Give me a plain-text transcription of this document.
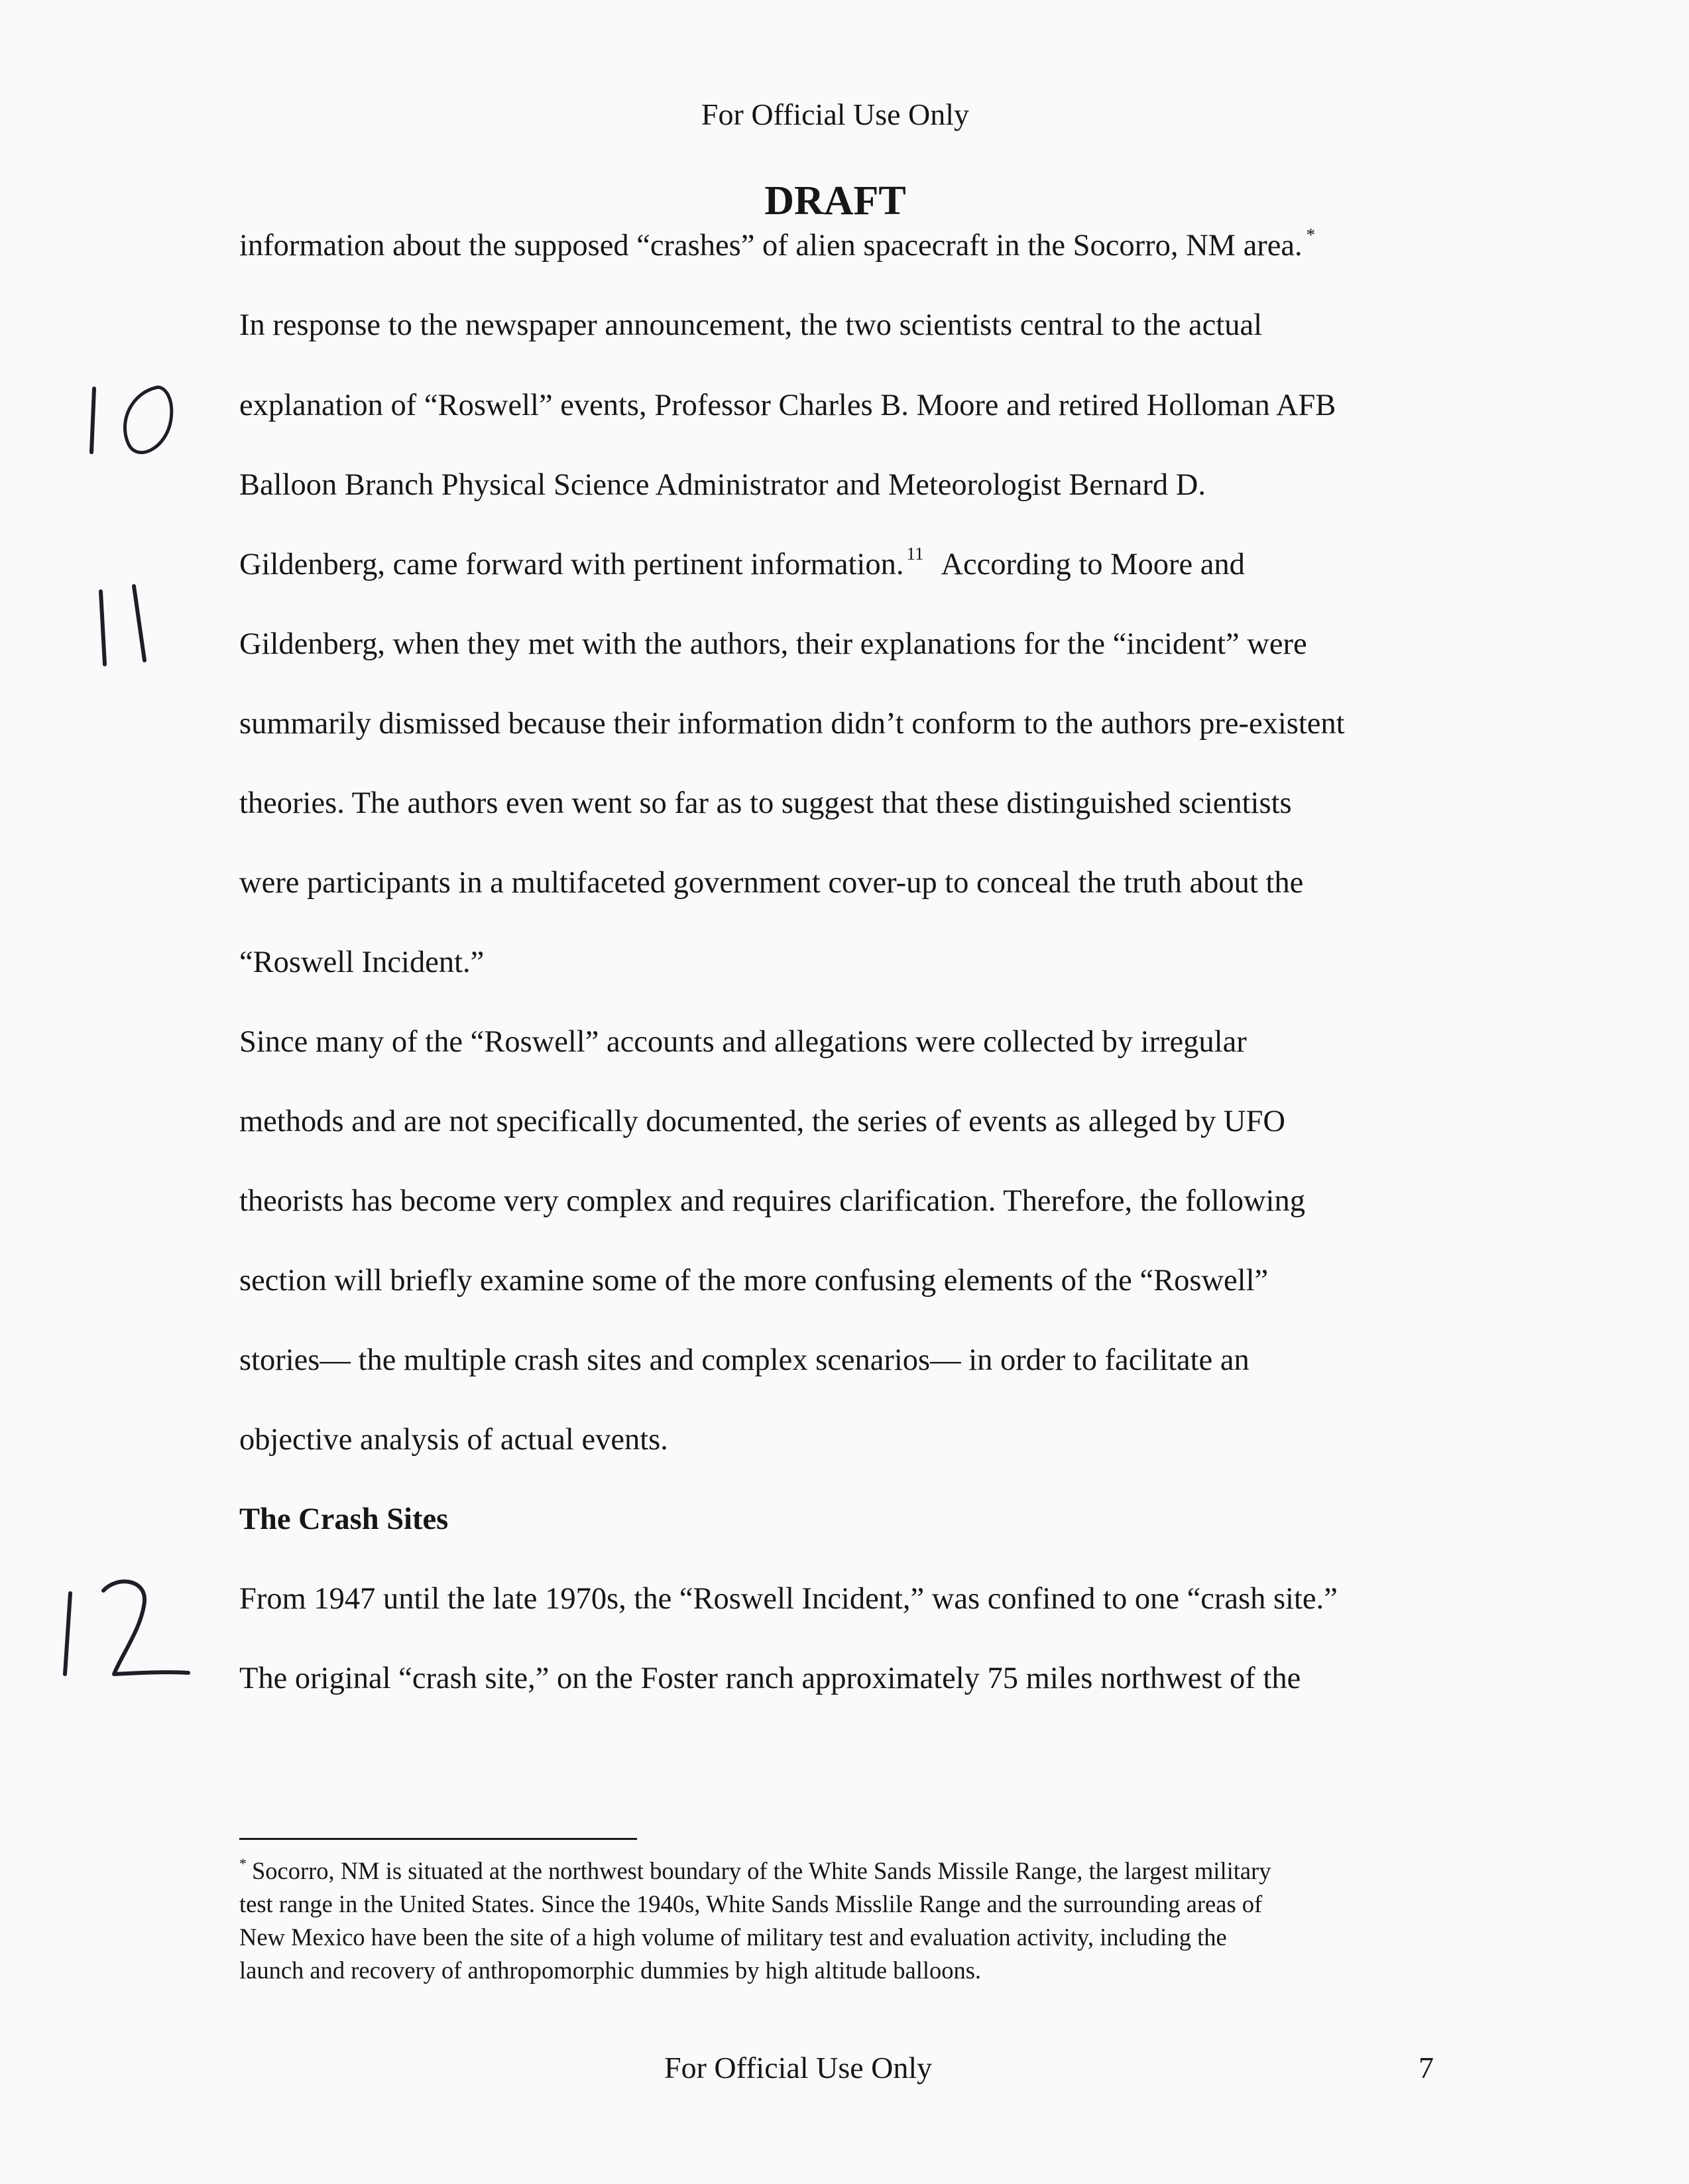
For Official Use Only
DRAFT
information about the supposed “crashes” of alien spacecraft in the Socorro, NM area. *
In response to the newspaper announcement, the two scientists central to the actual
explanation of “Roswell” events, Professor Charles B. Moore and retired Holloman AFB
Balloon Branch Physical Science Administrator and Meteorologist Bernard D.
Gildenberg, came forward with pertinent information. $^{11}$ According to Moore and
Gildenberg, when they met with the authors, their explanations for the “incident” were
summarily dismissed because their information didn’t conform to the authors pre-existent
theories. The authors even went so far as to suggest that these distinguished scientists
were participants in a multifaceted government cover-up to conceal the truth about the
“Roswell Incident.”
Since many of the “Roswell” accounts and allegations were collected by irregular
methods and are not specifically documented, the series of events as alleged by UFO
theorists has become very complex and requires clarification. Therefore, the following
section will briefly examine some of the more confusing elements of the “Roswell”
stories— the multiple crash sites and complex scenarios— in order to facilitate an
objective analysis of actual events.
The Crash Sites
From 1947 until the late 1970s, the “Roswell Incident,” was confined to one “crash site.”
The original “crash site,” on the Foster ranch approximately 75 miles northwest of the
* Socorro, NM is situated at the northwest boundary of the White Sands Missile Range, the largest military
test range in the United States. Since the 1940s, White Sands Misslile Range and the surrounding areas of
New Mexico have been the site of a high volume of military test and evaluation activity, including the
launch and recovery of anthropomorphic dummies by high altitude balloons.
For Official Use Only	7
